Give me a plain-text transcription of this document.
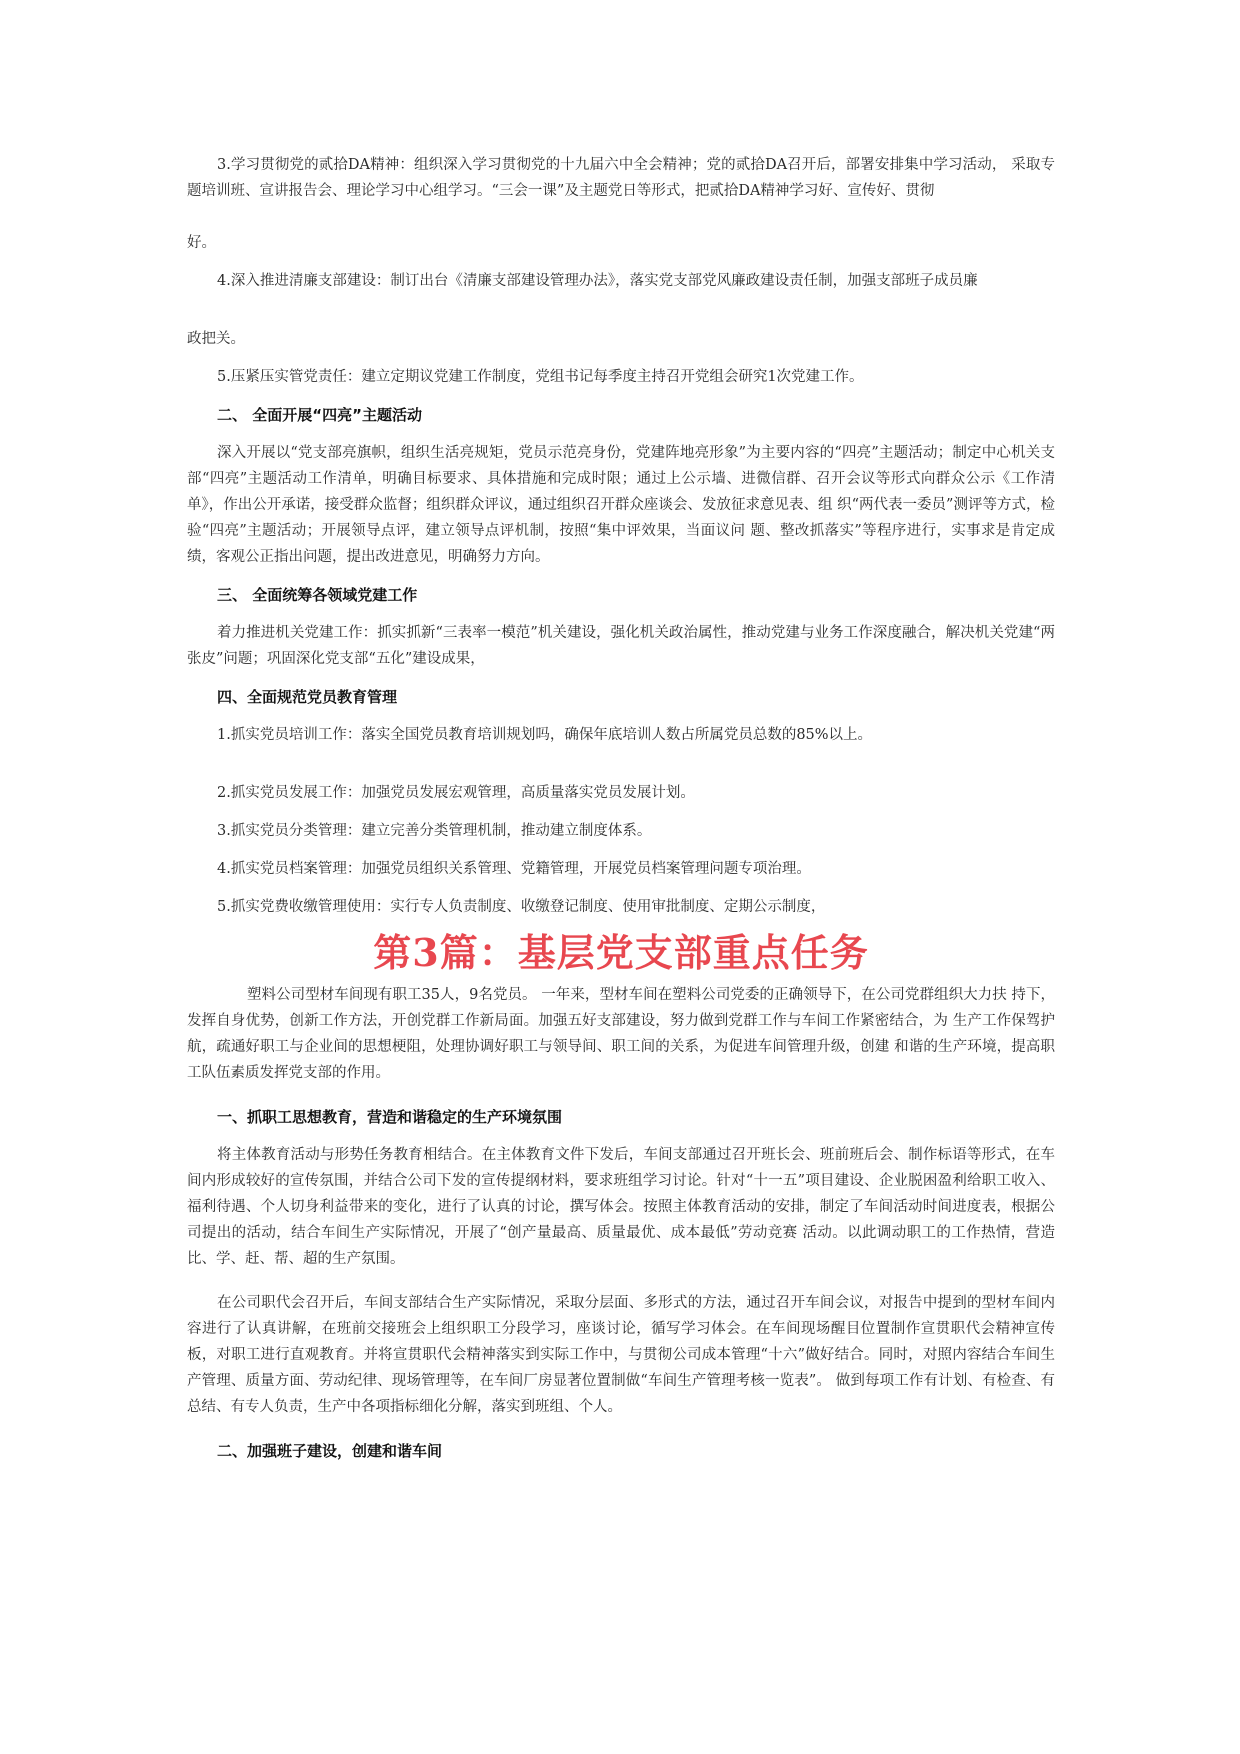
3.学习贯彻党的贰拾DA精神：组织深入学习贯彻党的十九届六中全会精神；党的贰拾DA召开后，部署安排集中学习活动， 采取专题培训班、宣讲报告会、理论学习中心组学习。“三会一课”及主题党日等形式，把贰拾DA精神学习好、宣传好、贯彻

好。

4.深入推进清廉支部建设：制订出台《清廉支部建设管理办法》，落实党支部党风廉政建设责任制，加强支部班子成员廉

政把关。

5.压紧压实管党责任：建立定期议党建工作制度，党组书记每季度主持召开党组会研究1次党建工作。

二、 全面开展“四亮”主题活动

深入开展以“党支部亮旗帜，组织生活亮规矩，党员示范亮身份，党建阵地亮形象”为主要内容的“四亮”主题活动；制定中心机关支部“四亮”主题活动工作清单，明确目标要求、具体措施和完成时限；通过上公示墙、进微信群、召开会议等形式向群众公示《工作清单》，作出公开承诺，接受群众监督；组织群众评议，通过组织召开群众座谈会、发放征求意见表、组 织“两代表一委员”测评等方式，检验“四亮”主题活动；开展领导点评，建立领导点评机制，按照“集中评效果，当面议问 题、整改抓落实”等程序进行，实事求是肯定成绩，客观公正指出问题，提出改进意见，明确努力方向。

三、 全面统筹各领域党建工作

着力推进机关党建工作：抓实抓新“三表率一模范”机关建设，强化机关政治属性，推动党建与业务工作深度融合，解决机关党建“两张皮”问题；巩固深化党支部“五化”建设成果，

四、全面规范党员教育管理

1.抓实党员培训工作：落实全国党员教育培训规划吗，确保年底培训人数占所属党员总数的85%以上。

2.抓实党员发展工作：加强党员发展宏观管理，高质量落实党员发展计划。

3.抓实党员分类管理：建立完善分类管理机制，推动建立制度体系。

4.抓实党员档案管理：加强党员组织关系管理、党籍管理，开展党员档案管理问题专项治理。

5.抓实党费收缴管理使用：实行专人负责制度、收缴登记制度、使用审批制度、定期公示制度，

第3篇：基层党支部重点任务

塑料公司型材车间现有职工35人，9名党员。 一年来，型材车间在塑料公司党委的正确领导下，在公司党群组织大力扶 持下，发挥自身优势，创新工作方法，开创党群工作新局面。加强五好支部建设，努力做到党群工作与车间工作紧密结合，为 生产工作保驾护航，疏通好职工与企业间的思想梗阻，处理协调好职工与领导间、职工间的关系，为促进车间管理升级，创建 和谐的生产环境，提高职工队伍素质发挥党支部的作用。

一、抓职工思想教育，营造和谐稳定的生产环境氛围

将主体教育活动与形势任务教育相结合。在主体教育文件下发后，车间支部通过召开班长会、班前班后会、制作标语等形式，在车间内形成较好的宣传氛围，并结合公司下发的宣传提纲材料，要求班组学习讨论。针对“十一五”项目建设、企业脱困盈利给职工收入、福利待遇、个人切身利益带来的变化，进行了认真的讨论，撰写体会。按照主体教育活动的安排，制定了车间活动时间进度表，根据公司提出的活动，结合车间生产实际情况，开展了“创产量最高、质量最优、成本最低”劳动竞赛 活动。以此调动职工的工作热情，营造比、学、赶、帮、超的生产氛围。

在公司职代会召开后，车间支部结合生产实际情况，采取分层面、多形式的方法，通过召开车间会议，对报告中提到的型材车间内容进行了认真讲解，在班前交接班会上组织职工分段学习，座谈讨论，循写学习体会。在车间现场醒目位置制作宣贯职代会精神宣传板，对职工进行直观教育。并将宣贯职代会精神落实到实际工作中，与贯彻公司成本管理“十六”做好结合。同时，对照内容结合车间生产管理、质量方面、劳动纪律、现场管理等，在车间厂房显著位置制做“车间生产管理考核一览表”。 做到每项工作有计划、有检查、有总结、有专人负责，生产中各项指标细化分解，落实到班组、个人。

二、加强班子建设，创建和谐车间
